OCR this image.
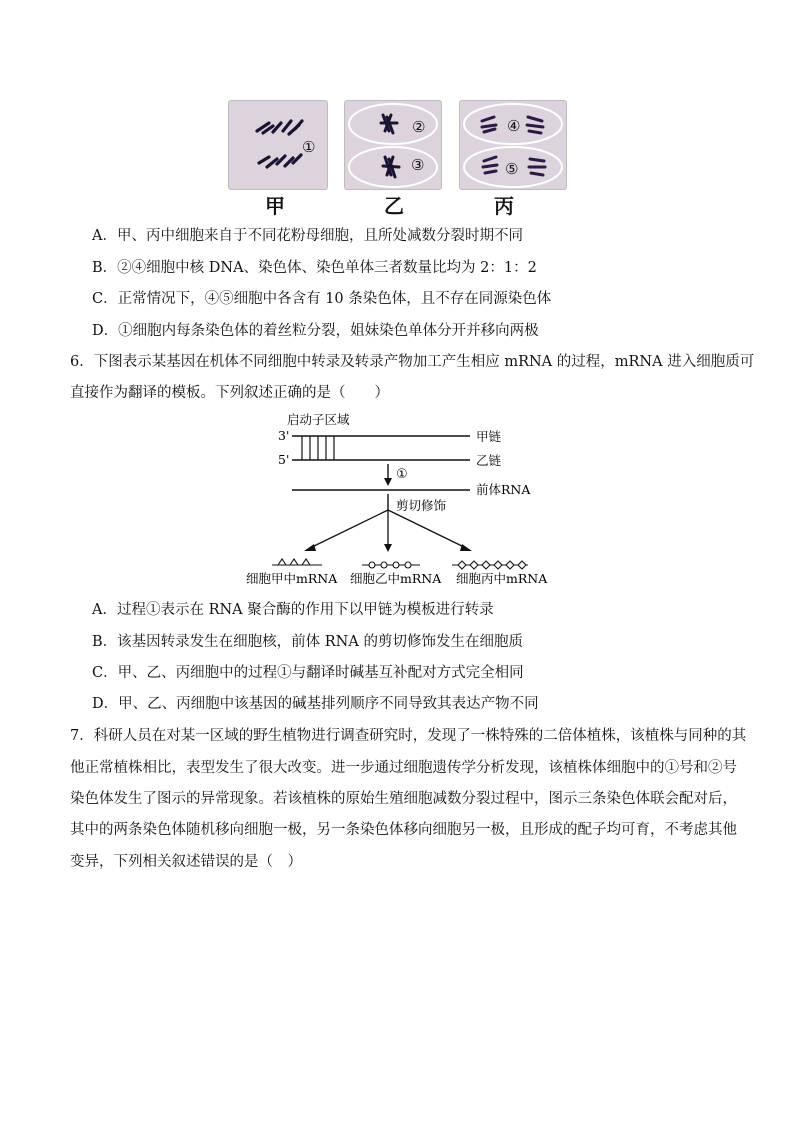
①
②
③
④
⑤
甲	乙	丙
A．甲、丙中细胞来自于不同花粉母细胞，且所处减数分裂时期不同
B．②④细胞中核 DNA、染色体、染色单体三者数量比均为 2：1：2
C．正常情况下，④⑤细胞中各含有 10 条染色体，且不存在同源染色体
D．①细胞内每条染色体的着丝粒分裂，姐妹染色单体分开并移向两极
6．下图表示某基因在机体不同细胞中转录及转录产物加工产生相应 mRNA 的过程，mRNA 进入细胞质可
直接作为翻译的模板。下列叙述正确的是（　　）
启动子区域
3'
5'
甲链
乙链
①
前体RNA
剪切修饰
细胞甲中mRNA 细胞乙中mRNA 细胞丙中mRNA
A．过程①表示在 RNA 聚合酶的作用下以甲链为模板进行转录
B．该基因转录发生在细胞核，前体 RNA 的剪切修饰发生在细胞质
C．甲、乙、丙细胞中的过程①与翻译时碱基互补配对方式完全相同
D．甲、乙、丙细胞中该基因的碱基排列顺序不同导致其表达产物不同
7．科研人员在对某一区域的野生植物进行调查研究时，发现了一株特殊的二倍体植株，该植株与同种的其
他正常植株相比，表型发生了很大改变。进一步通过细胞遗传学分析发现，该植株体细胞中的①号和②号
染色体发生了图示的异常现象。若该植株的原始生殖细胞减数分裂过程中，图示三条染色体联会配对后，
其中的两条染色体随机移向细胞一极，另一条染色体移向细胞另一极，且形成的配子均可育，不考虑其他
变异，下列相关叙述错误的是（　）
